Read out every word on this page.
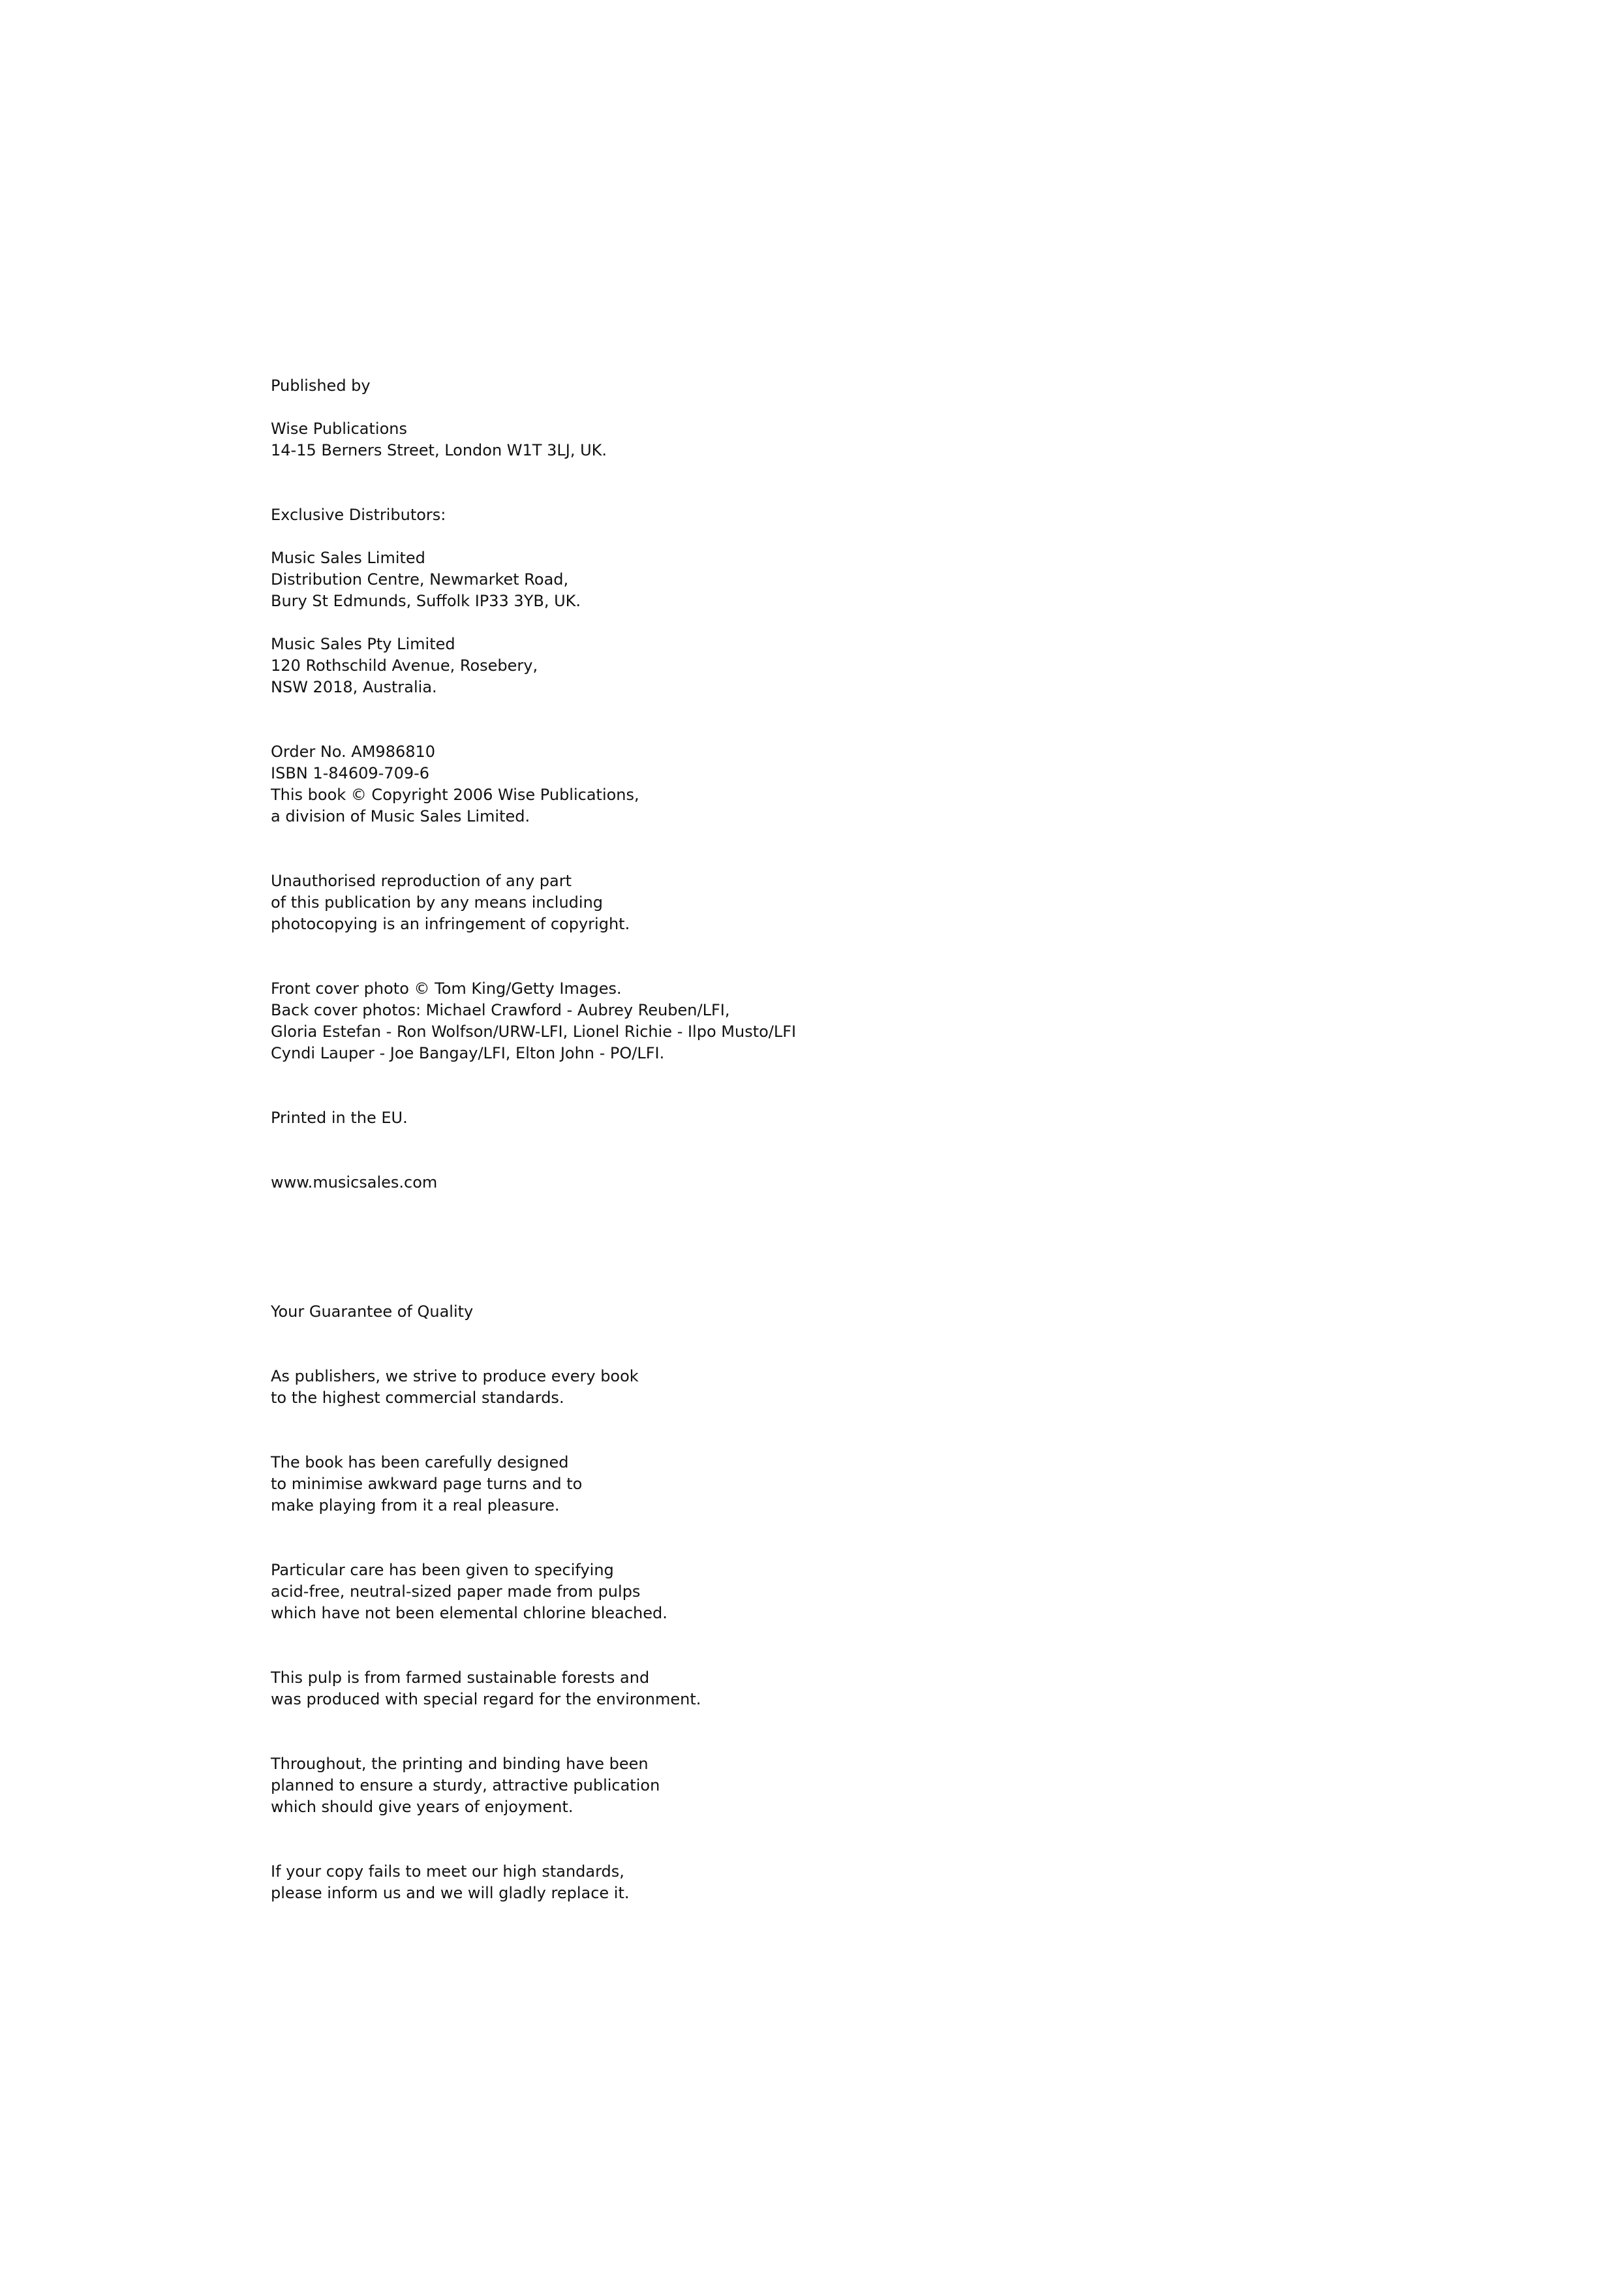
Published by

Wise Publications
14-15 Berners Street, London W1T 3LJ, UK.

Exclusive Distributors:

Music Sales Limited
Distribution Centre, Newmarket Road,
Bury St Edmunds, Suffolk IP33 3YB, UK.

Music Sales Pty Limited
120 Rothschild Avenue, Rosebery,
NSW 2018, Australia.

Order No. AM986810
ISBN 1-84609-709-6
This book © Copyright 2006 Wise Publications,
a division of Music Sales Limited.

Unauthorised reproduction of any part
of this publication by any means including
photocopying is an infringement of copyright.

Front cover photo © Tom King/Getty Images.
Back cover photos: Michael Crawford - Aubrey Reuben/LFI,
Gloria Estefan - Ron Wolfson/URW-LFI, Lionel Richie - Ilpo Musto/LFI
Cyndi Lauper - Joe Bangay/LFI, Elton John - PO/LFI.

Printed in the EU.

www.musicsales.com

Your Guarantee of Quality

As publishers, we strive to produce every book
to the highest commercial standards.

The book has been carefully designed
to minimise awkward page turns and to
make playing from it a real pleasure.

Particular care has been given to specifying
acid-free, neutral-sized paper made from pulps
which have not been elemental chlorine bleached.

This pulp is from farmed sustainable forests and
was produced with special regard for the environment.

Throughout, the printing and binding have been
planned to ensure a sturdy, attractive publication
which should give years of enjoyment.

If your copy fails to meet our high standards,
please inform us and we will gladly replace it.
